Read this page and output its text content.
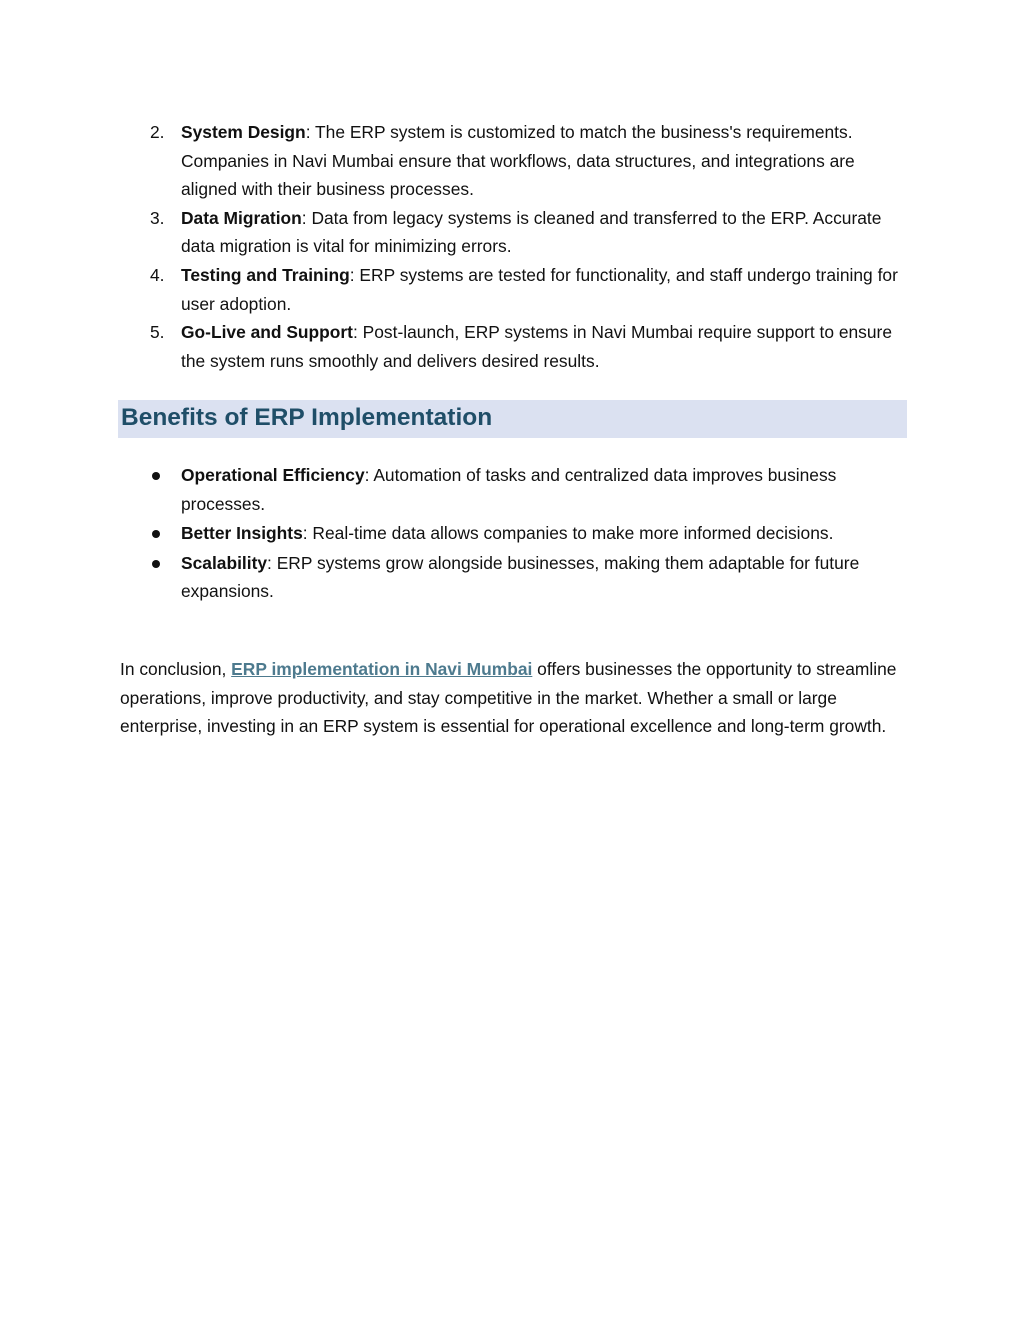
2. System Design: The ERP system is customized to match the business's requirements. Companies in Navi Mumbai ensure that workflows, data structures, and integrations are aligned with their business processes.
3. Data Migration: Data from legacy systems is cleaned and transferred to the ERP. Accurate data migration is vital for minimizing errors.
4. Testing and Training: ERP systems are tested for functionality, and staff undergo training for user adoption.
5. Go-Live and Support: Post-launch, ERP systems in Navi Mumbai require support to ensure the system runs smoothly and delivers desired results.
Benefits of ERP Implementation
Operational Efficiency: Automation of tasks and centralized data improves business processes.
Better Insights: Real-time data allows companies to make more informed decisions.
Scalability: ERP systems grow alongside businesses, making them adaptable for future expansions.

In conclusion, ERP implementation in Navi Mumbai offers businesses the opportunity to streamline operations, improve productivity, and stay competitive in the market. Whether a small or large enterprise, investing in an ERP system is essential for operational excellence and long-term growth.
